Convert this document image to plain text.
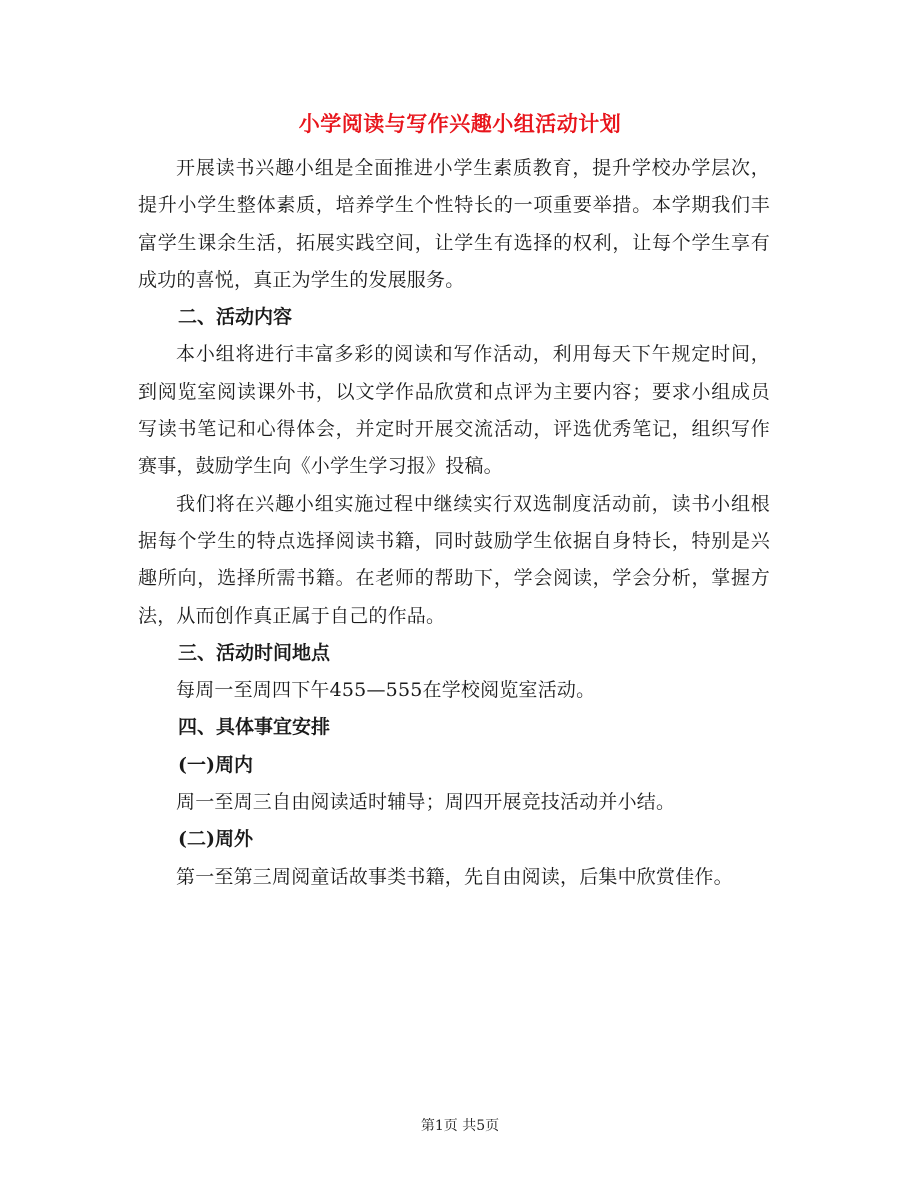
小学阅读与写作兴趣小组活动计划

开展读书兴趣小组是全面推进小学生素质教育，提升学校办学层次，提升小学生整体素质，培养学生个性特长的一项重要举措。本学期我们丰富学生课余生活，拓展实践空间，让学生有选择的权利，让每个学生享有成功的喜悦，真正为学生的发展服务。

二、活动内容

本小组将进行丰富多彩的阅读和写作活动，利用每天下午规定时间，到阅览室阅读课外书，以文学作品欣赏和点评为主要内容；要求小组成员写读书笔记和心得体会，并定时开展交流活动，评选优秀笔记，组织写作赛事，鼓励学生向《小学生学习报》投稿。

我们将在兴趣小组实施过程中继续实行双选制度活动前，读书小组根据每个学生的特点选择阅读书籍，同时鼓励学生依据自身特长，特别是兴趣所向，选择所需书籍。在老师的帮助下，学会阅读，学会分析，掌握方法，从而创作真正属于自己的作品。

三、活动时间地点

每周一至周四下午455—555在学校阅览室活动。

四、具体事宜安排

(一)周内

周一至周三自由阅读适时辅导；周四开展竞技活动并小结。

(二)周外

第一至第三周阅童话故事类书籍，先自由阅读，后集中欣赏佳作。

第1页 共5页
